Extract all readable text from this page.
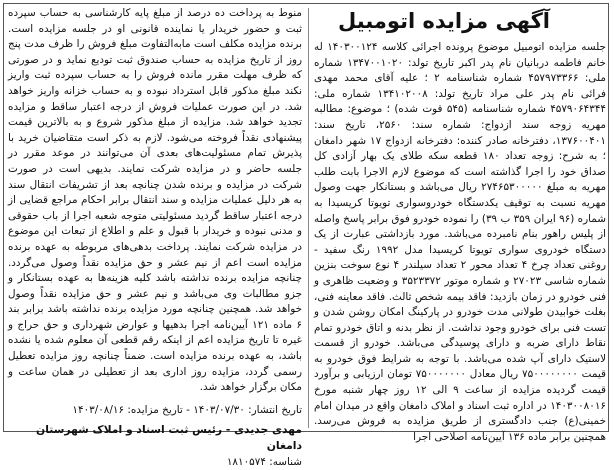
آگهی مزایده اتومبیل

جلسه مزایده اتومبیل موضوع پرونده اجرائی کلاسه ۱۴۰۳۰۰۱۲۴ له خانم فاطمه دربانیان نام پدر اکبر تاریخ تولد: ۱۳۴۷۰۰۱۰۲۰ شماره ملی: ۴۵۷۹۷۳۳۶۶ شماره شناسنامه ۲ ؛ علیه آقای محمد مهدی فرائی نام پدر علی مراد تاریخ تولد: ۱۳۴۱۰۲۰۰۸ شماره ملی: ۴۵۷۹۰۶۴۳۴۴ شماره شناسنامه (۵۴۵ قوت شده) ؛ موضوع: مطالبه مهریه زوجه سند ازدواج: شماره سند: ۲۵۶۰، تاریخ سند: ۱۳۷۶۰۰۴۰۱، دفترخانه صادر کننده: دفترخانه ازدواج ۱۷ شهر دامغان ؛ به شرح: زوجه تعداد ۱۸۰ قطعه سکه طلای یک بهار آزادی کل صداق خود را اجرا گذاشته است که موضوع لازم الاجرا بابت طلب مهریه به مبلغ ۲۷۴۶۵۳۰۰۰۰۰ ریال می‌باشد و بستانکار جهت وصول مهریه نسبت به توقیف یکدستگاه خودروسواری تویوتا کریسیدا به شماره (۹۶ ایران ۳۵۹ ب ۳۹) را نموده خودرو فوق برابر پاسخ واصله از پلیس راهور بنام نامبرده می‌باشد. مورد بازداشتی عبارت از یک دستگاه خودروی سواری تویوتا کریسیدا مدل ۱۹۹۲ رنگ سفید - روغنی تعداد چرخ ۴ تعداد محور ۲ تعداد سیلندر ۴ نوع سوخت بنزین شماره شاسی ۲۷۰۲۳ و شماره موتور ۳۵۲۳۳۷۲ و وضعیت ظاهری و فنی خودرو در زمان بازدید: فاقد بیمه شخص ثالث. فاقد معاینه فنی، بغلت خوابیدن طولانی مدت خودرو در پارکینگ امکان روشن شدن و تست فنی برای خودرو وجود نداشت. از نظر بدنه و اتاق خودرو تمام نقاط دارای ضربه و دارای پوسیدگی می‌باشد. خودرو از قسمت لاستیک دارای آپ شده می‌باشد. با توجه به شرایط فوق خودرو به قیمت ۷۵۰۰۰۰۰۰۰۰ ریال معادل ۷۵۰۰۰۰۰۰۰ تومان ارزیابی و برآورد قیمت گردیده مزایده از ساعت ۹ الی ۱۲ روز چهار شنبه مورخ ۱۴۰۳۰۰۸۰۱۶ در اداره ثبت اسناد و املاک دامغان واقع در میدان امام خمینی(ع) جنب دادگستری از طریق مزایده به فروش می‌رسد. همچنین برابر ماده ۱۳۶ آیین‌نامه اصلاحی اجرا

منوط به پرداخت ده درصد از مبلغ پایه کارشناسی به حساب سپرده ثبت و حضور خریدار یا نماینده قانونی او در جلسه مزایده است. برنده مزایده مکلف است مابه‌التفاوت مبلغ فروش را ظرف مدت پنج روز از تاریخ مزایده به حساب صندوق ثبت تودیع نماید و در صورتی که ظرف مهلت مقرر مانده فروش را به حساب سپرده ثبت واریز نکند مبلغ مذکور قابل استرداد نبوده و به حساب خزانه واریز خواهد شد. در این صورت عملیات فروش از درجه اعتبار ساقط و مزایده تجدید خواهد شد. مزایده از مبلغ مذکور شروع و به بالاترین قیمت پیشنهادی نقداً فروخته می‌شود. لازم به ذکر است متقاضیان خرید با پذیرش تمام مسئولیت‌های بعدی آن می‌توانند در موعد مقرر در جلسه حاضر و در مزایده شرکت نمایند. بدیهی است در صورت شرکت در مزایده و برنده شدن چنانچه بعد از تشریفات انتقال سند به هر دلیل عملیات مزایده و سند انتقال برابر احکام مراجع قضایی از درجه اعتبار ساقط گردید مسئولیتی متوجه شعبه اجرا از باب حقوقی و مدنی نبوده و خریدار با قبول و علم و اطلاع از تبعات این موضوع در مزایده شرکت نمایند. پرداخت بدهی‌های مربوطه به عهده برنده مزایده است اعم از نیم عشر و حق مزایده نقداً وصول می‌گردد. چنانچه مزایده برنده نداشته باشد کلیه هزینه‌ها به عهده بستانکار و جزو مطالبات وی می‌باشد و نیم عشر و حق مزایده نقداً وصول خواهد شد. همچنین چنانچه مورد مزایده برنده نداشته باشد برابر بند ۶ ماده ۱۲۱ آیین‌نامه اجرا بدهیها و عوارض شهرداری و حق حراج و غیره تا تاریخ مزایده اعم از اینکه رقم قطعی آن معلوم شده یا نشده باشد، به عهده برنده مزایده است. ضمناً چنانچه روز مزایده تعطیل رسمی گردد، مزایده روز اداری بعد از تعطیلی در همان ساعت و مکان برگزار خواهد شد.

تاریخ انتشار: ۱۴۰۳/۰۷/۳۰ - تاریخ مزایده: ۱۴۰۳/۰۸/۱۶
مهدی جدیدی - رئیس ثبت اسناد و املاک شهرستان دامغان
شناسه: ۱۸۱۰۵۷۴
